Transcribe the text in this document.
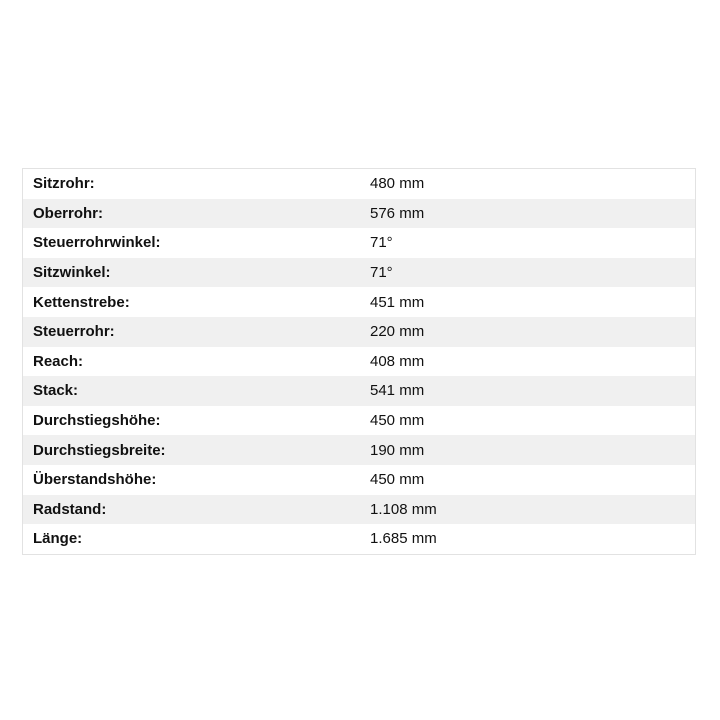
Sitzrohr:	480 mm
Oberrohr:	576 mm
Steuerrohrwinkel:	71°
Sitzwinkel:	71°
Kettenstrebe:	451 mm
Steuerrohr:	220 mm
Reach:	408 mm
Stack:	541 mm
Durchstiegshöhe:	450 mm
Durchstiegsbreite:	190 mm
Überstandshöhe:	450 mm
Radstand:	1.108 mm
Länge:	1.685 mm
